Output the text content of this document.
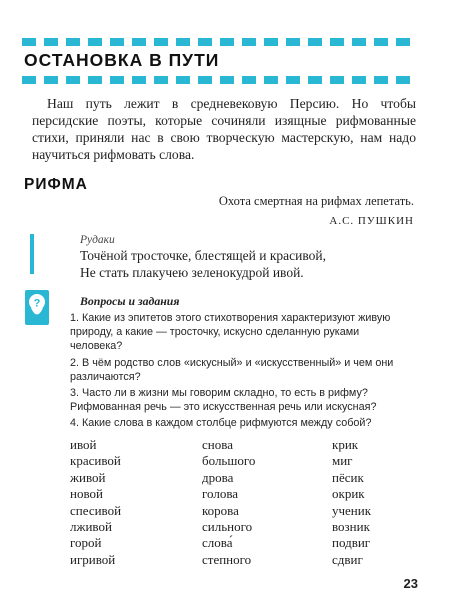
ОСТАНОВКА В ПУТИ

Наш путь лежит в средневековую Персию. Но чтобы персидские поэты, которые сочиняли изящные рифмованные стихи, приняли нас в свою творческую мастерскую, нам надо научиться рифмовать слова.

РИФМА

Охота смертная на рифмах лепетать.

А.С. ПУШКИН
Рудаки
Точёной тросточке, блестящей и красивой,
Не стать плакучею зеленокудрой ивой.
?	Вопросы и задания

1. Какие из эпитетов этого стихотворения характеризуют живую природу, а какие — тросточку, искусно сделанную руками человека?

2. В чём родство слов «искусный» и «искусственный» и чем они различаются?

3. Часто ли в жизни мы говорим складно, то есть в рифму? Рифмованная речь — это искусственная речь или искусная?

4. Какие слова в каждом столбце рифмуются между собой?

ивой
красивой
живой
новой
спесивой
лживой
горой
игривой
снова
большого
дрова
голова
корова
сильного
слова́
степного
крик
миг
пёсик
окрик
ученик
возник
подвиг
сдвиг
23
